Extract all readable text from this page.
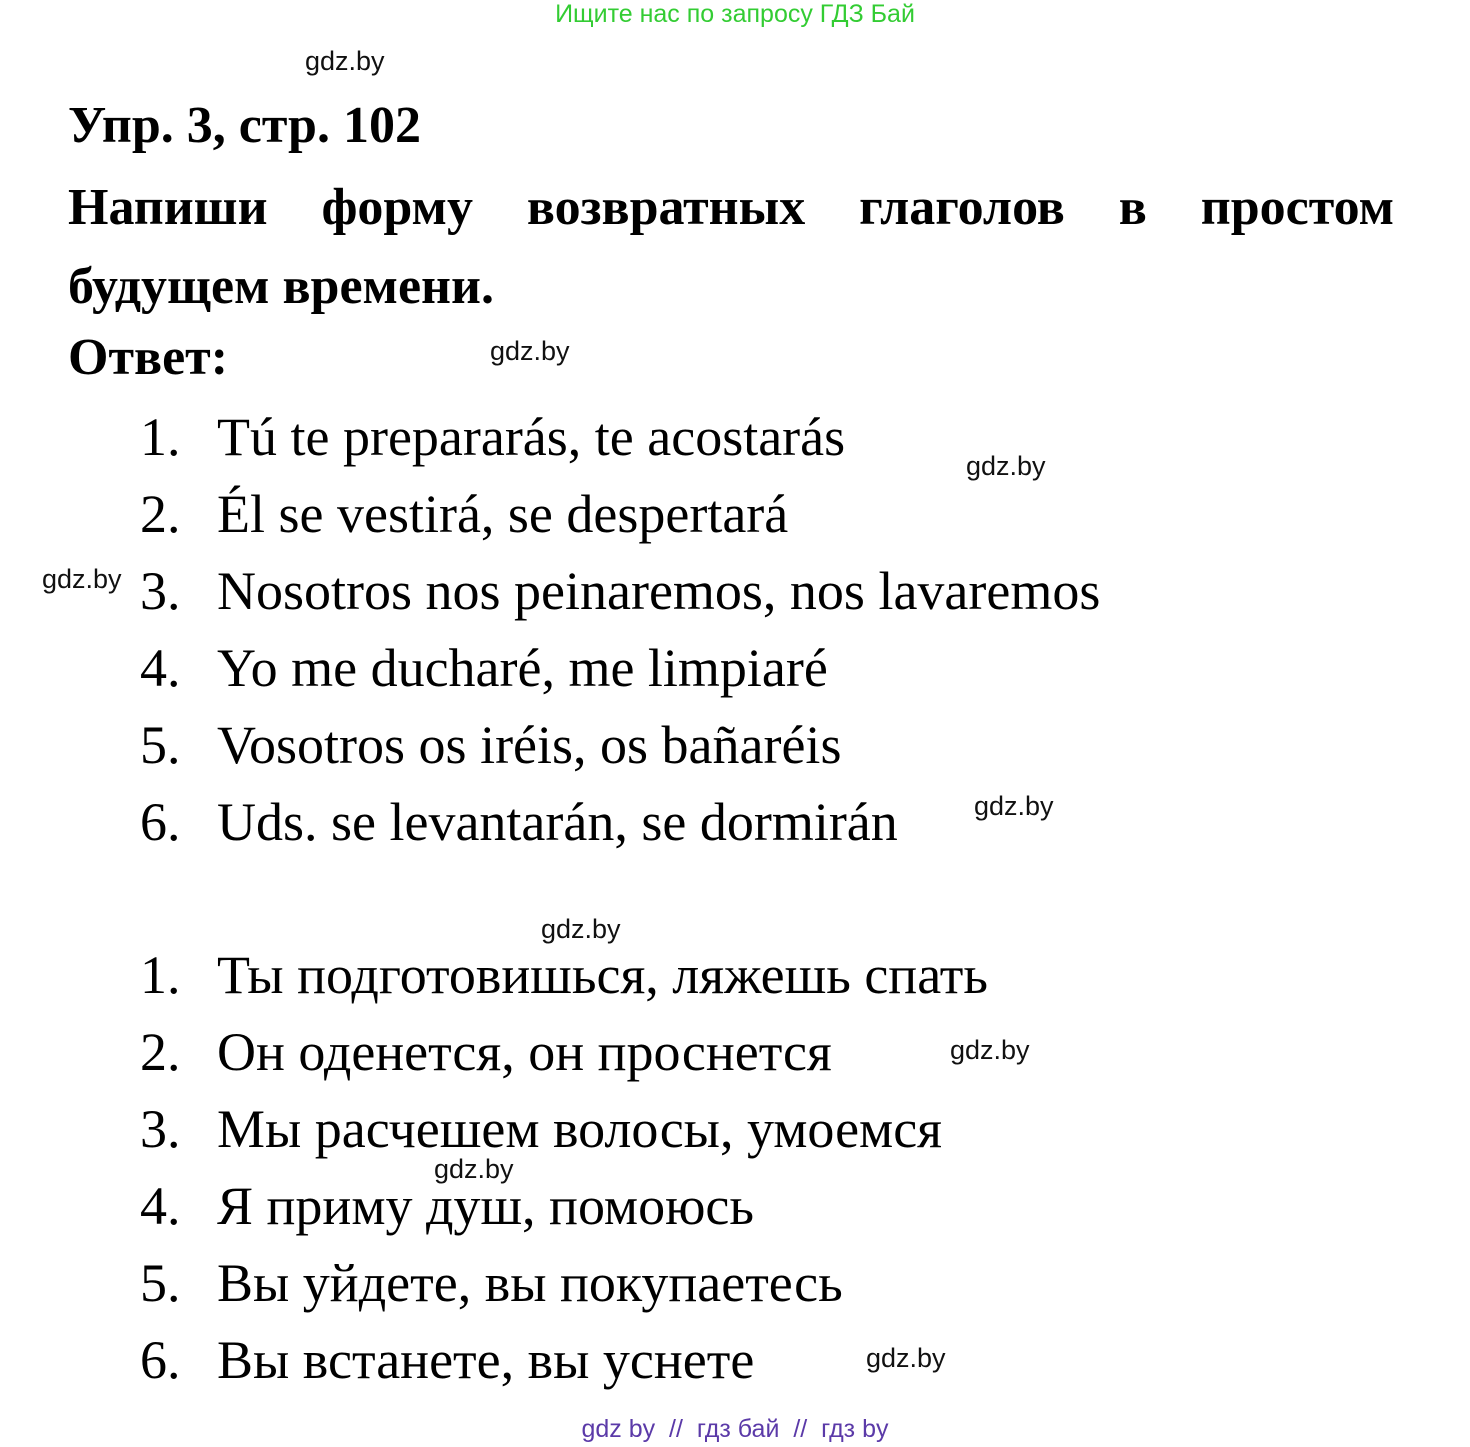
Ищите нас по запросу ГДЗ Бай
Упр. 3, стр. 102
Напиши форму возвратных глаголов в простом будущем времени.
Ответ:
1. Tú te prepararás, te acostarás
2. Él se vestirá, se despertará
3. Nosotros nos peinaremos, nos lavaremos
4. Yo me ducharé, me limpiaré
5. Vosotros os iréis, os bañaréis
6. Uds. se levantarán, se dormirán
1. Ты подготовишься, ляжешь спать
2. Он оденется, он проснется
3. Мы расчешем волосы, умоемся
4. Я приму душ, помоюсь
5. Вы уйдете, вы покупаетесь
6. Вы встанете, вы уснете
gdz.by
gdz.by
gdz.by
gdz.by
gdz.by
gdz.by
gdz.by
gdz.by
gdz.by
gdz by  //  гдз бай  //  гдз by
